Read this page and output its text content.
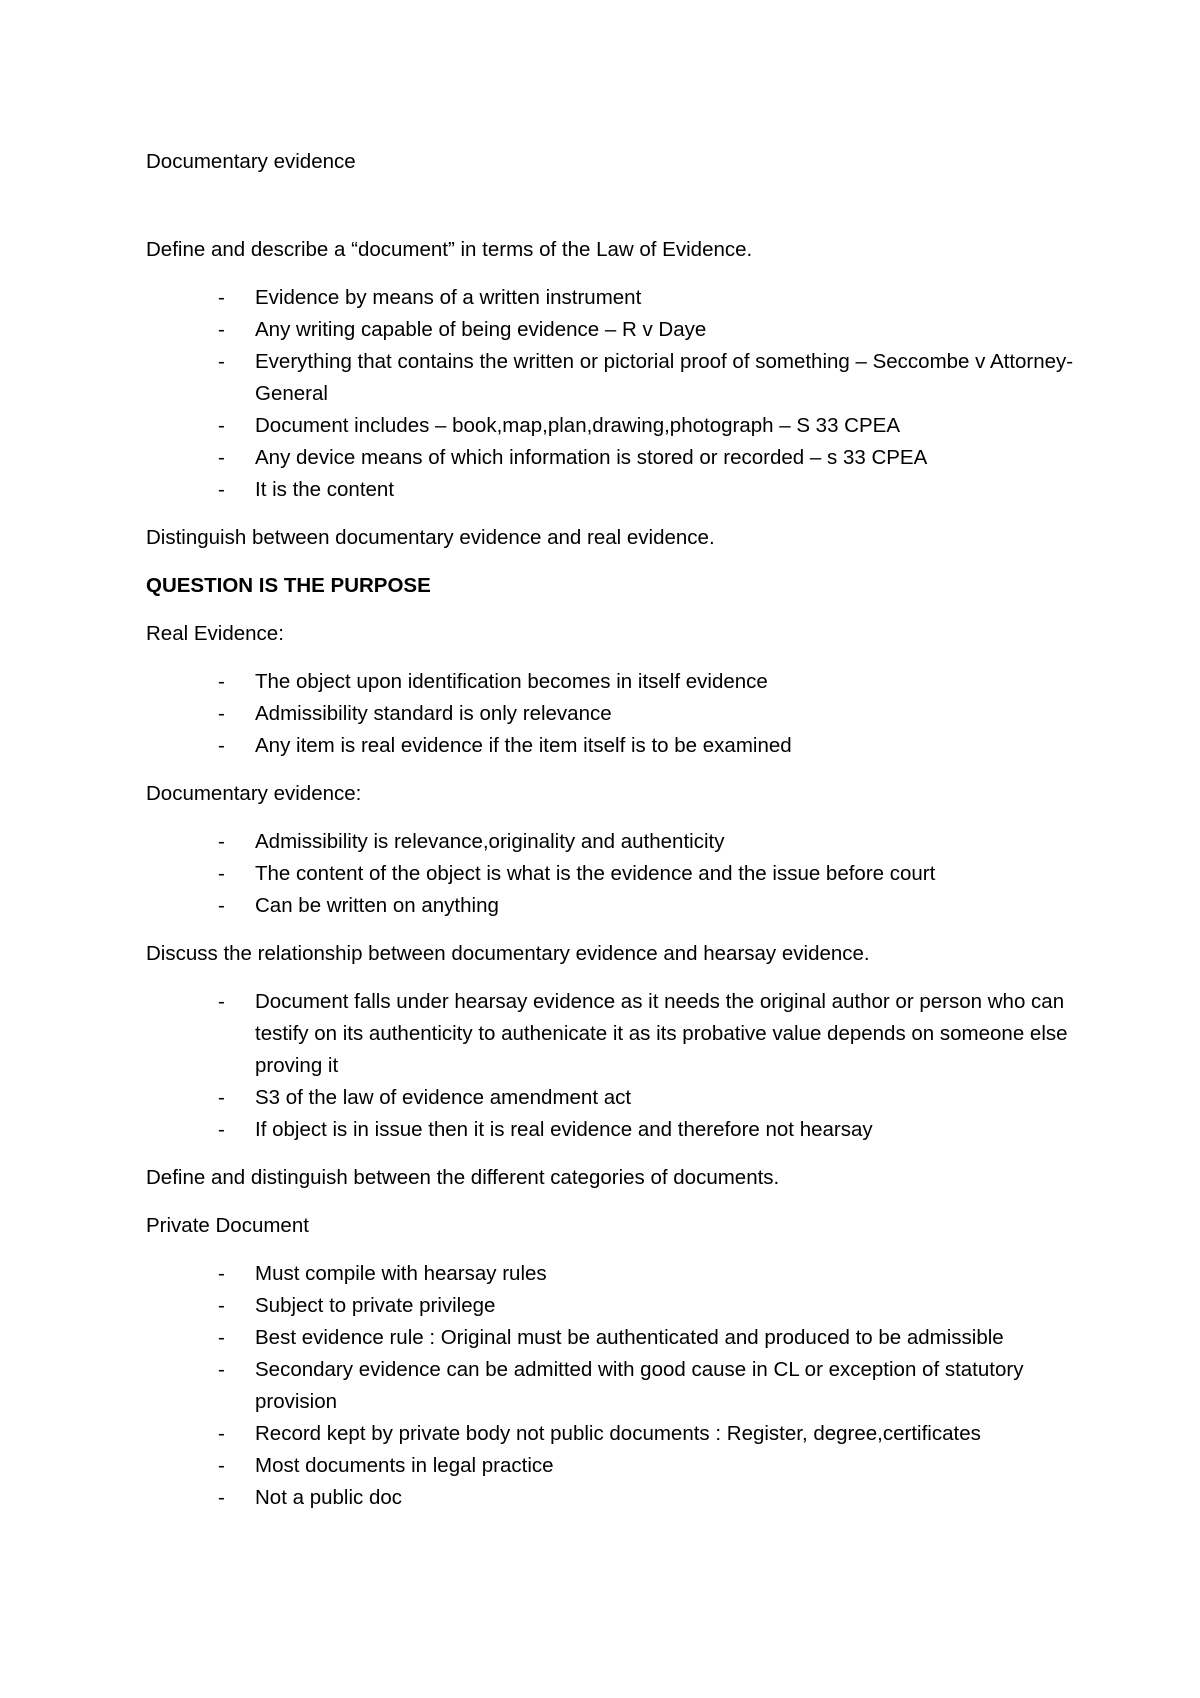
Documentary evidence

Define and describe a “document” in terms of the Law of Evidence.

- Evidence by means of a written instrument
- Any writing capable of being evidence – R v Daye
- Everything that contains the written or pictorial proof of something – Seccombe v Attorney- General
- Document includes – book,map,plan,drawing,photograph – S 33 CPEA
- Any device means of which information is stored or recorded – s 33 CPEA
- It is the content

Distinguish between documentary evidence and real evidence.

QUESTION IS THE PURPOSE

Real Evidence:

- The object upon identification becomes in itself evidence
- Admissibility standard is only relevance
- Any item is real evidence if the item itself is to be examined

Documentary evidence:

- Admissibility is relevance,originality and authenticity
- The content of the object is what is the evidence and the issue before court
- Can be written on anything

Discuss the relationship between documentary evidence and hearsay evidence.

- Document falls under hearsay evidence as it needs the original author or person who can testify on its authenticity to authenicate it as its probative value depends on someone else proving it
- S3 of the law of evidence amendment act
- If object is in issue then it is real evidence and therefore not hearsay

Define and distinguish between the different categories of documents.

Private Document

- Must compile with hearsay rules
- Subject to private privilege
- Best evidence rule : Original must be authenticated and produced to be admissible
- Secondary evidence can be admitted with good cause in CL or exception of statutory provision
- Record kept by private body not public documents : Register, degree,certificates
- Most documents in legal practice
- Not a public doc
